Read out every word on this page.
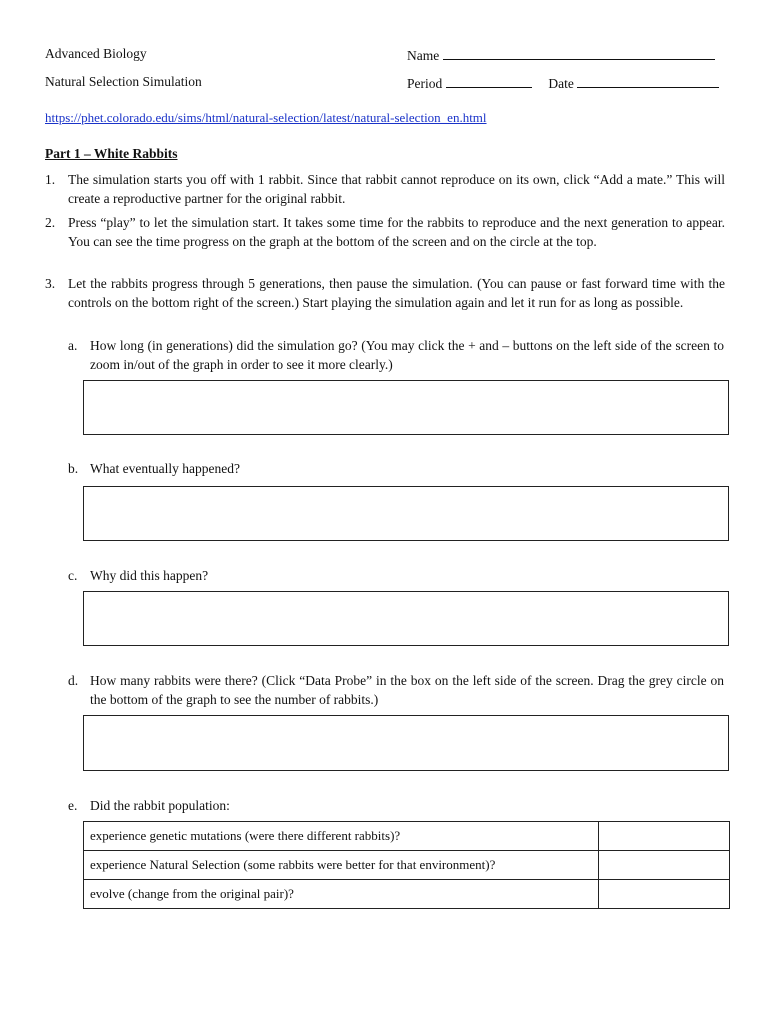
Advanced Biology
Natural Selection Simulation
Name
Period	Date
https://phet.colorado.edu/sims/html/natural-selection/latest/natural-selection_en.html
Part 1 – White Rabbits
1. The simulation starts you off with 1 rabbit. Since that rabbit cannot reproduce on its own, click “Add a mate.” This will create a reproductive partner for the original rabbit.
2. Press “play” to let the simulation start. It takes some time for the rabbits to reproduce and the next generation to appear. You can see the time progress on the graph at the bottom of the screen and on the circle at the top.
3. Let the rabbits progress through 5 generations, then pause the simulation. (You can pause or fast forward time with the controls on the bottom right of the screen.) Start playing the simulation again and let it run for as long as possible.
a. How long (in generations) did the simulation go? (You may click the + and – buttons on the left side of the screen to zoom in/out of the graph in order to see it more clearly.)
b. What eventually happened?
c. Why did this happen?
d. How many rabbits were there? (Click “Data Probe” in the box on the left side of the screen. Drag the grey circle on the bottom of the graph to see the number of rabbits.)
e. Did the rabbit population:
experience genetic mutations (were there different rabbits)?	
experience Natural Selection (some rabbits were better for that environment)?	
evolve (change from the original pair)?	
